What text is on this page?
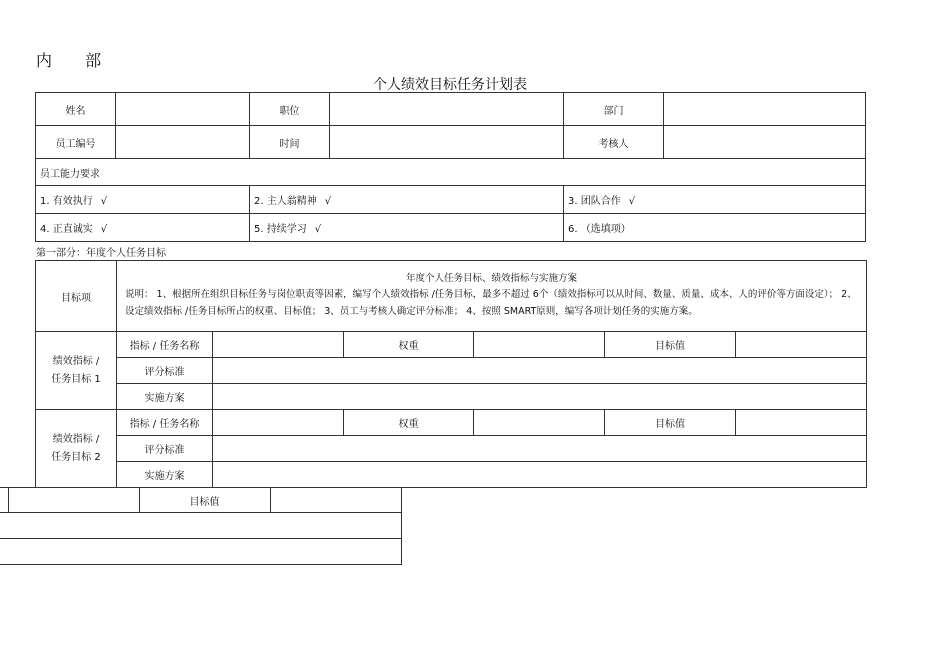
内 部
个人绩效目标任务计划表
姓名		职位		部门	
员工编号		时间		考核人	
员工能力要求					
1. 有效执行 √		2. 主人翁精神 √		3. 团队合作 √	
4. 正直诚实 √		5. 持续学习 √		6. （选填项）	
第一部分：年度个人任务目标
目标项	年度个人任务目标、绩效指标与实施方案
说明： 1、根据所在组织目标任务与岗位职责等因素，编写个人绩效指标 /任务目标，最多不超过 6个（绩效指标可以从时间、数量、质量、成本、人的评价等方面设定）； 2、设定绩效指标 /任务目标所占的权重、目标值； 3、员工与考核人确定评分标准； 4、按照 SMART原则，编写各项计划任务的实施方案。					

绩效指标 /
任务目标 1	指标 / 任务名称		权重		目标值	
	评分标准					
	实施方案					

绩效指标 /
任务目标 2	指标 / 任务名称		权重		目标值	
	评分标准					
	实施方案					
		目标值	
